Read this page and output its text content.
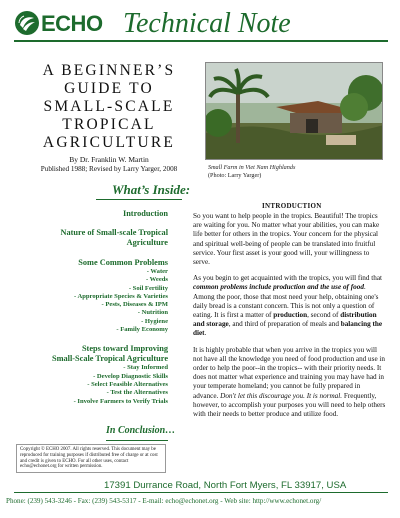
ECHO Technical Note
A BEGINNER’S
GUIDE TO
SMALL-SCALE
TROPICAL
AGRICULTURE
By Dr. Franklin W. Martin
Published 1988; Revised by Larry Yarger, 2008	Small Farm in Viet Nam Highlands
(Photo: Larry Yarger)
What’s Inside:
Introduction
Nature of Small-scale Tropical
Agriculture
Some Common Problems
- Water
- Weeds
- Soil Fertility
- Appropriate Species & Varieties
- Pests, Diseases & IPM
- Nutrition
- Hygiene
- Family Economy
Steps toward Improving
Small-Scale Tropical Agriculture
- Stay Informed
- Develop Diagnostic Skills
- Select Feasible Alternatives
- Test the Alternatives
- Involve Farmers to Verify Trials
In Conclusion…
Copyright © ECHO 2007. All rights reserved. This document may be reproduced for training purposes if distributed free of charge or at cost and credit is given to ECHO. For all other uses, contact echo@echonet.org for written permission.
INTRODUCTION

So you want to help people in the tropics. Beautiful! The tropics are waiting for you. No matter what your abilities, you can make life better for others in the tropics. Your concern for the physical and spiritual well-being of people can be translated into fruitful service. Your first asset is your good will, your willingness to serve.

As you begin to get acquainted with the tropics, you will find that common problems include production and the use of food. Among the poor, those that most need your help, obtaining one's daily bread is a constant concern. This is not only a question of eating. It is first a matter of production, second of distribution and storage, and third of preparation of meals and balancing the diet.

It is highly probable that when you arrive in the tropics you will not have all the knowledge you need of food production and use in order to help the poor--in the tropics-- with their priority needs. It does not matter what experience and training you may have had in your temperate homeland; you cannot be fully prepared in advance. Don't let this discourage you. It is normal. Frequently, however, to accomplish your purposes you will need to help others with their needs to better produce and utilize food.

17391 Durrance Road, North Fort Myers, FL 33917, USA
Phone: (239) 543-3246 - Fax: (239) 543-5317 - E-mail: echo@echonet.org - Web site: http://www.echonet.org/
